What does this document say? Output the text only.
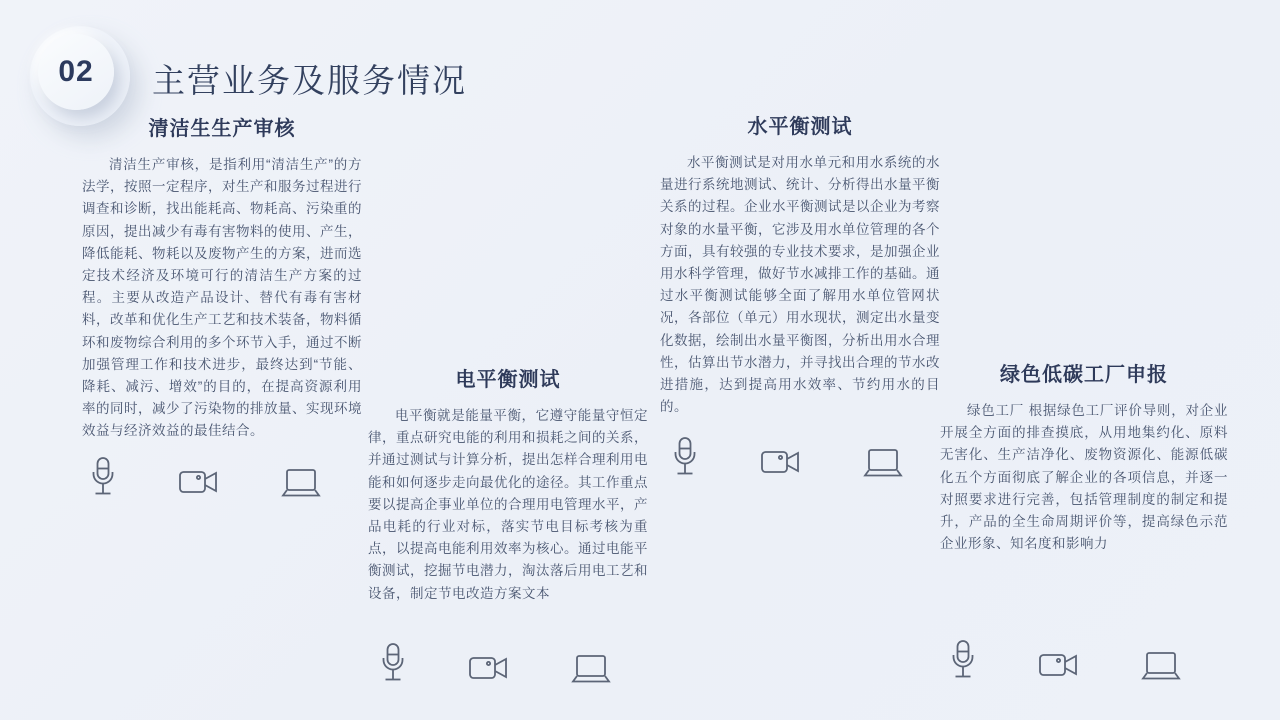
02	主营业务及服务情况
清洁生生产审核

清洁生产审核，是指利用“清洁生产”的方法学，按照一定程序，对生产和服务过程进行调查和诊断，找出能耗高、物耗高、污染重的原因，提出减少有毒有害物料的使用、产生，降低能耗、物耗以及废物产生的方案，进而选定技术经济及环境可行的清洁生产方案的过程。主要从改造产品设计、替代有毒有害材料，改革和优化生产工艺和技术装备，物料循环和废物综合利用的多个环节入手，通过不断加强管理工作和技术进步，最终达到“节能、降耗、减污、增效”的目的，在提高资源利用率的同时，减少了污染物的排放量、实现环境效益与经济效益的最佳结合。

电平衡测试

电平衡就是能量平衡，它遵守能量守恒定律，重点研究电能的利用和损耗之间的关系，并通过测试与计算分析，提出怎样合理利用电能和如何逐步走向最优化的途径。其工作重点要以提高企事业单位的合理用电管理水平，产品电耗的行业对标，落实节电目标考核为重点，以提高电能利用效率为核心。通过电能平衡测试，挖掘节电潜力，淘汰落后用电工艺和设备，制定节电改造方案文本

水平衡测试

水平衡测试是对用水单元和用水系统的水量进行系统地测试、统计、分析得出水量平衡关系的过程。企业水平衡测试是以企业为考察对象的水量平衡，它涉及用水单位管理的各个方面，具有较强的专业技术要求，是加强企业用水科学管理，做好节水减排工作的基础。通过水平衡测试能够全面了解用水单位管网状况，各部位（单元）用水现状，测定出水量变化数据，绘制出水量平衡图，分析出用水合理性，估算出节水潜力，并寻找出合理的节水改进措施，达到提高用水效率、节约用水的目的。

绿色低碳工厂申报

绿色工厂 根据绿色工厂评价导则，对企业开展全方面的排查摸底，从用地集约化、原料无害化、生产洁净化、废物资源化、能源低碳化五个方面彻底了解企业的各项信息，并逐一对照要求进行完善，包括管理制度的制定和提升，产品的全生命周期评价等，提高绿色示范企业形象、知名度和影响力
